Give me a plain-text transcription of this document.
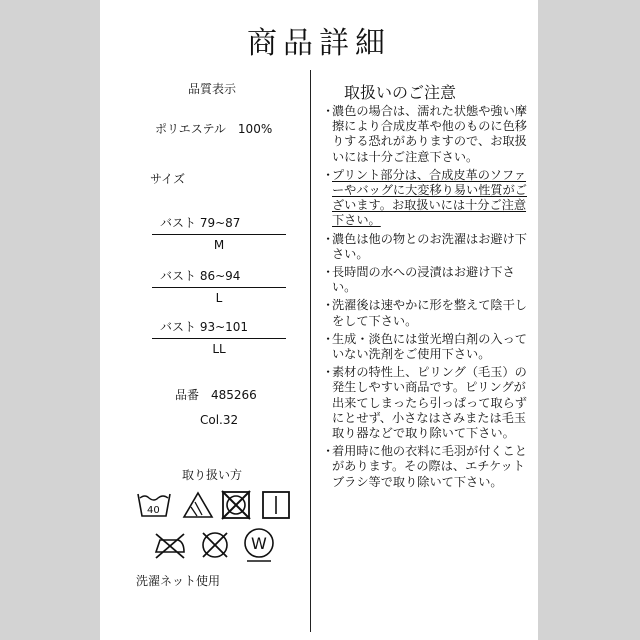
商品詳細
品質表示
ポリエステル　100%
サイズ
バスト 79~87
M
バスト 86~94
L
バスト 93~101
LL
品番　485266
Col.32
取り扱い方
40
W
洗濯ネット使用
取扱いのご注意
・
濃色の場合は、濡れた状態や強い摩擦により合成皮革や他のものに色移りする恐れがありますので、お取扱いには十分ご注意下さい。
・
プリント部分は、合成皮革のソファーやバッグに大変移り易い性質がございます。お取扱いには十分ご注意下さい。
・
濃色は他の物とのお洗濯はお避け下さい。
・
長時間の水への浸漬はお避け下さい。
・
洗濯後は速やかに形を整えて陰干しをして下さい。
・
生成・淡色には蛍光増白剤の入っていない洗剤をご使用下さい。
・
素材の特性上、ピリング（毛玉）の発生しやすい商品です。ピリングが出来てしまったら引っぱって取らずにとせず、小さなはさみまたは毛玉取り器などで取り除いて下さい。
・
着用時に他の衣料に毛羽が付くことがあります。その際は、エチケットブラシ等で取り除いて下さい。
